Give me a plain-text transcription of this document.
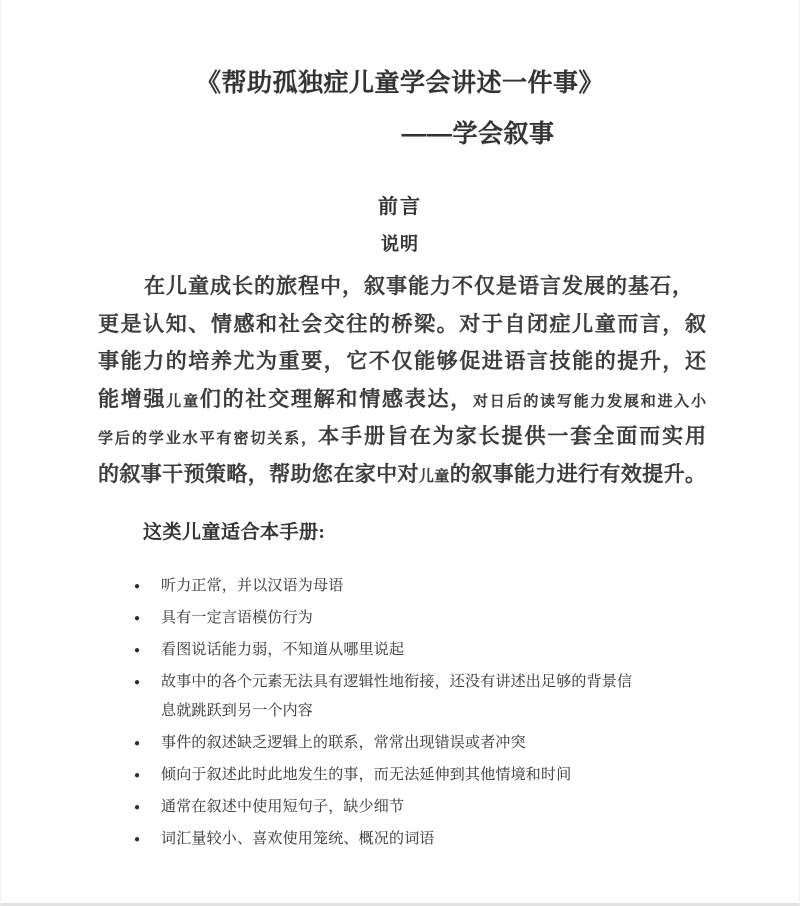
《帮助孤独症儿童学会讲述一件事》
——学会叙事
前言
说明
在儿童成长的旅程中，叙事能力不仅是语言发展的基石，
更是认知、情感和社会交往的桥梁。对于自闭症儿童而言，叙
事能力的培养尤为重要，它不仅能够促进语言技能的提升，还
能增强儿童们的社交理解和情感表达，对日后的读写能力发展和进入小
学后的学业水平有密切关系，本手册旨在为家长提供一套全面而实用
的叙事干预策略，帮助您在家中对儿童的叙事能力进行有效提升。
这类儿童适合本手册:
●	听力正常，并以汉语为母语
●	具有一定言语模仿行为
●	看图说话能力弱，不知道从哪里说起
●	故事中的各个元素无法具有逻辑性地衔接，还没有讲述出足够的背景信息就跳跃到另一个内容
●	事件的叙述缺乏逻辑上的联系，常常出现错误或者冲突
●	倾向于叙述此时此地发生的事，而无法延伸到其他情境和时间
●	通常在叙述中使用短句子，缺少细节
●	词汇量较小、喜欢使用笼统、概况的词语
